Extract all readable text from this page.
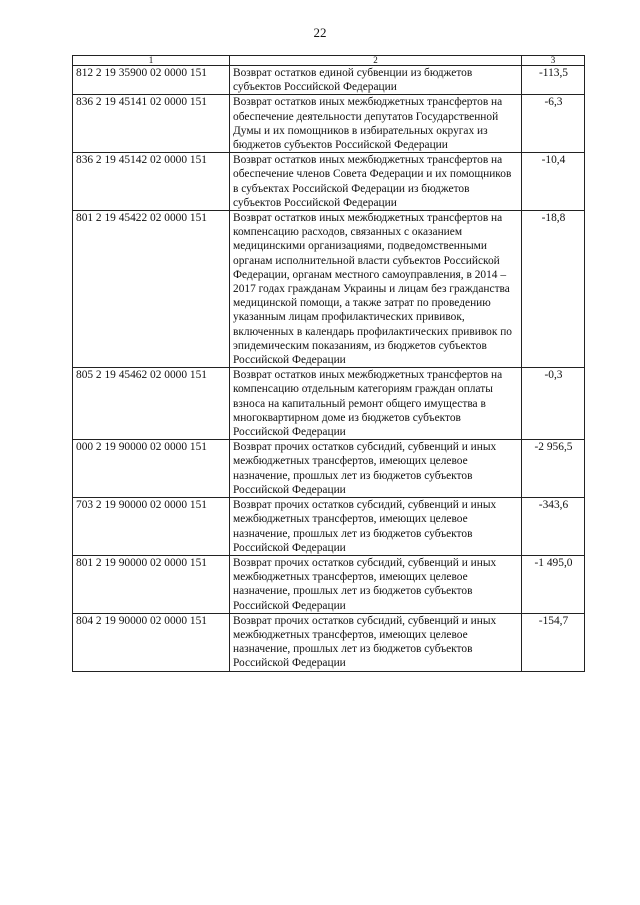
22
1	2	3
812 2 19 35900 02 0000 151	Возврат остатков единой субвенции из бюджетов субъектов Российской Федерации	-113,5
836 2 19 45141 02 0000 151	Возврат остатков иных межбюджетных трансфертов на обеспечение деятельности депутатов Государственной Думы и их помощников в избирательных округах из бюджетов субъектов Российской Федерации	-6,3
836 2 19 45142 02 0000 151	Возврат остатков иных межбюджетных трансфертов на обеспечение членов Совета Федерации и их помощников в субъектах Российской Федерации из бюджетов субъектов Российской Федерации	-10,4
801 2 19 45422 02 0000 151	Возврат остатков иных межбюджетных трансфертов на компенсацию расходов, связанных с оказанием медицинскими организациями, подведомственными органам исполнительной власти субъектов Российской Федерации, органам местного самоуправления, в 2014 – 2017 годах гражданам Украины и лицам без гражданства медицинской помощи, а также затрат по проведению указанным лицам профилактических прививок, включенных в календарь профилактических прививок по эпидемическим показаниям, из бюджетов субъектов Российской Федерации	-18,8
805 2 19 45462 02 0000 151	Возврат остатков иных межбюджетных трансфертов на компенсацию отдельным категориям граждан оплаты взноса на капитальный ремонт общего имущества в многоквартирном доме из бюджетов субъектов Российской Федерации	-0,3
000 2 19 90000 02 0000 151	Возврат прочих остатков субсидий, субвенций и иных межбюджетных трансфертов, имеющих целевое назначение, прошлых лет из бюджетов субъектов Российской Федерации	-2 956,5
703 2 19 90000 02 0000 151	Возврат прочих остатков субсидий, субвенций и иных межбюджетных трансфертов, имеющих целевое назначение, прошлых лет из бюджетов субъектов Российской Федерации	-343,6
801 2 19 90000 02 0000 151	Возврат прочих остатков субсидий, субвенций и иных межбюджетных трансфертов, имеющих целевое назначение, прошлых лет из бюджетов субъектов Российской Федерации	-1 495,0
804 2 19 90000 02 0000 151	Возврат прочих остатков субсидий, субвенций и иных межбюджетных трансфертов, имеющих целевое назначение, прошлых лет из бюджетов субъектов Российской Федерации	-154,7
